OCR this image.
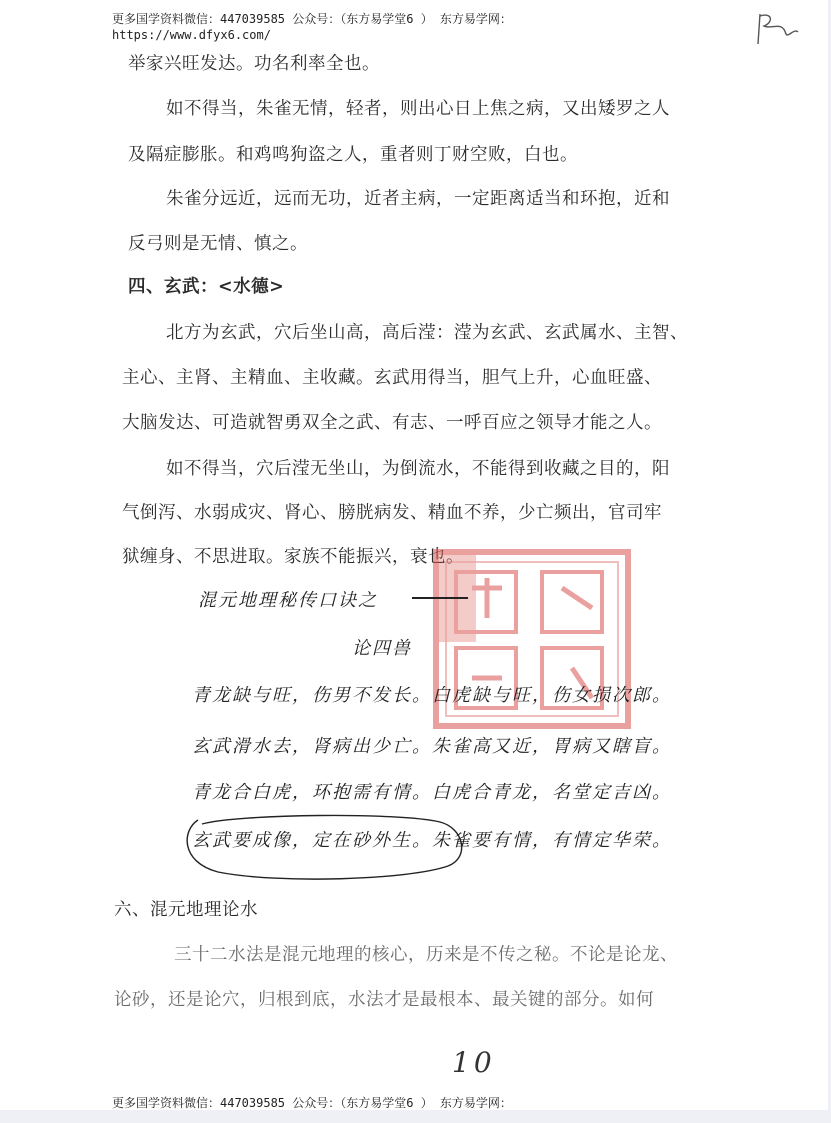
更多国学资料微信：447039585 公众号：（东方易学堂6 ） 东方易学网：
https://www.dfyx6.com/
举家兴旺发达。功名利率全也。
如不得当，朱雀无情，轻者，则出心日上焦之病，又出矮罗之人
及隔症膨胀。和鸡鸣狗盗之人，重者则丁财空败，白也。
朱雀分远近，远而无功，近者主病，一定距离适当和环抱，近和
反弓则是无情、慎之。
四、玄武：<水德>
北方为玄武，穴后坐山高，高后滢：滢为玄武、玄武属水、主智、
主心、主肾、主精血、主收藏。玄武用得当，胆气上升，心血旺盛、
大脑发达、可造就智勇双全之武、有志、一呼百应之领导才能之人。
如不得当，穴后滢无坐山，为倒流水，不能得到收藏之目的，阳
气倒泻、水弱成灾、肾心、膀胱病发、精血不养，少亡频出，官司牢
狱缠身、不思进取。家族不能振兴，衰也。
混元地理秘传口诀之
论四兽
青龙缺与旺，伤男不发长。白虎缺与旺，伤女损次郎。
玄武滑水去，肾病出少亡。朱雀高又近，胃病又瞎盲。
青龙合白虎，环抱需有情。白虎合青龙，名堂定吉凶。
玄武要成像，定在砂外生。朱雀要有情，有情定华荣。
六、混元地理论水
三十二水法是混元地理的核心，历来是不传之秘。不论是论龙、
论砂，还是论穴，归根到底，水法才是最根本、最关键的部分。如何
10
更多国学资料微信：447039585 公众号：（东方易学堂6 ） 东方易学网：
